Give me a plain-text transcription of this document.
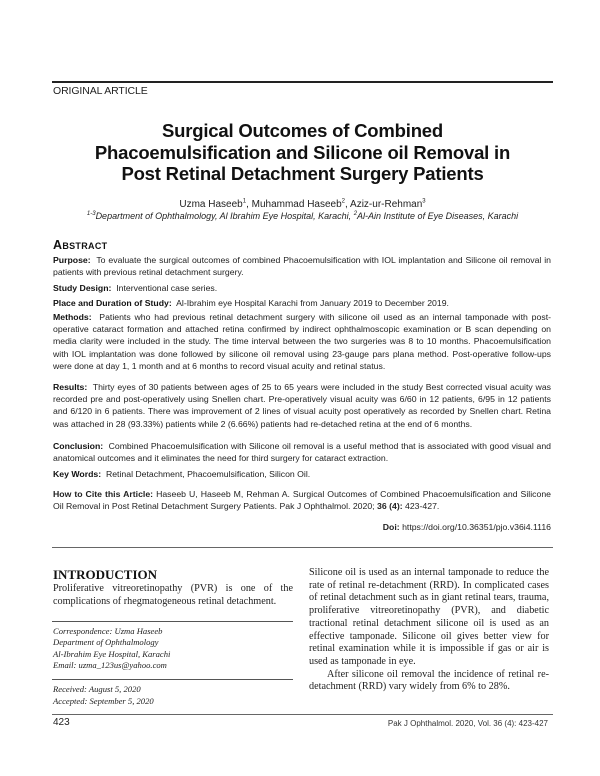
ORIGINAL ARTICLE
Surgical Outcomes of Combined
Phacoemulsification and Silicone oil Removal in
Post Retinal Detachment Surgery Patients
Uzma Haseeb$^1$, Muhammad Haseeb$^2$, Aziz-ur-Rehman$^3$
$^{1-3}$Department of Ophthalmology, Al Ibrahim Eye Hospital, Karachi, $^2$Al-Ain Institute of Eye Diseases, Karachi
Abstract
Purpose: To evaluate the surgical outcomes of combined Phacoemulsification with IOL implantation and Silicone oil removal in patients with previous retinal detachment surgery.
Study Design: Interventional case series.
Place and Duration of Study: Al-Ibrahim eye Hospital Karachi from January 2019 to December 2019.
Methods: Patients who had previous retinal detachment surgery with silicone oil used as an internal tamponade with post-operative cataract formation and attached retina confirmed by indirect ophthalmoscopic examination or B scan depending on media clarity were included in the study. The time interval between the two surgeries was 8 to 10 months. Phacoemulsification with IOL implantation was done followed by silicone oil removal using 23-gauge pars plana method. Post-operative follow-ups were done at day 1, 1 month and at 6 months to record visual acuity and retinal status.
Results: Thirty eyes of 30 patients between ages of 25 to 65 years were included in the study Best corrected visual acuity was recorded pre and post-operatively using Snellen chart. Pre-operatively visual acuity was 6/60 in 12 patients, 6/95 in 12 patients and 6/120 in 6 patients. There was improvement of 2 lines of visual acuity post operatively as recorded by Snellen chart. Retina was attached in 28 (93.33%) patients while 2 (6.66%) patients had re-detached retina at the end of 6 months.
Conclusion: Combined Phacoemulsification with Silicone oil removal is a useful method that is associated with good visual and anatomical outcomes and it eliminates the need for third surgery for cataract extraction.
Key Words: Retinal Detachment, Phacoemulsification, Silicon Oil.
How to Cite this Article: Haseeb U, Haseeb M, Rehman A. Surgical Outcomes of Combined Phacoemulsification and Silicone Oil Removal in Post Retinal Detachment Surgery Patients. Pak J Ophthalmol. 2020; 36 (4): 423-427.
Doi: https://doi.org/10.36351/pjo.v36i4.1116
INTRODUCTION
Proliferative vitreoretinopathy (PVR) is one of the complications of rhegmatogeneous retinal detachment.
Correspondence: Uzma Haseeb
Department of Ophthalmology
Al-Ibrahim Eye Hospital, Karachi
Email: uzma_123us@yahoo.com
Received: August 5, 2020
Accepted: September 5, 2020

Silicone oil is used as an internal tamponade to reduce the rate of retinal re-detachment (RRD). In complicated cases of retinal detachment such as in giant retinal tears, trauma, proliferative vitreoretinopathy (PVR), and diabetic tractional retinal detachment silicone oil is used as an effective tamponade. Silicone oil gives better view for retinal examination while it is impossible if gas or air is used as tamponade in eye.

After silicone oil removal the incidence of retinal re-detachment (RRD) vary widely from 6% to 28%.

423	Pak J Ophthalmol. 2020, Vol. 36 (4): 423-427
